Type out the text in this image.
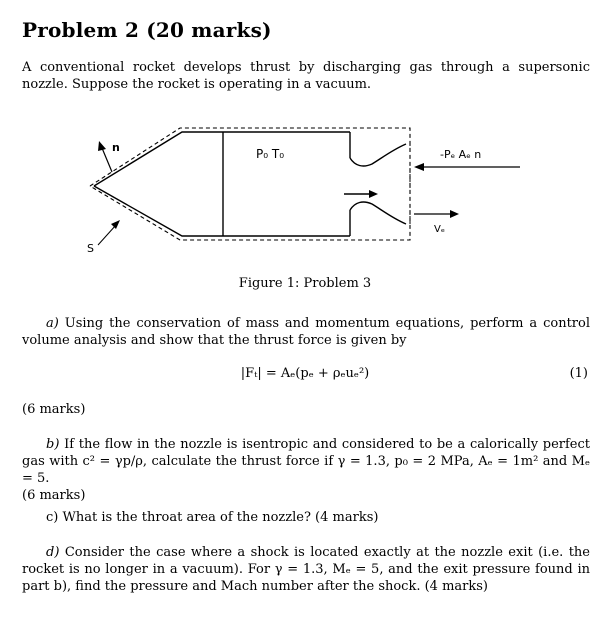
Problem 2 (20 marks)
A conventional rocket develops thrust by discharging gas through a supersonic nozzle. Suppose the rocket is operating in a vacuum.
n
S
P₀ T₀	-Pₑ Aₑ n
Vₑ
Figure 1: Problem 3
a) Using the conservation of mass and momentum equations, perform a control volume analysis and show that the thrust force is given by
|Fₜ| = Aₑ(pₑ + ρₑuₑ²)	(1)
(6 marks)
b) If the flow in the nozzle is isentropic and considered to be a calorically perfect gas with c² = γp/ρ, calculate the thrust force if γ = 1.3, p₀ = 2 MPa, Aₑ = 1m² and Mₑ = 5.
(6 marks)
c) What is the throat area of the nozzle? (4 marks)
d) Consider the case where a shock is located exactly at the nozzle exit (i.e. the rocket is no longer in a vacuum). For γ = 1.3, Mₑ = 5, and the exit pressure found in part b), find the pressure and Mach number after the shock. (4 marks)
